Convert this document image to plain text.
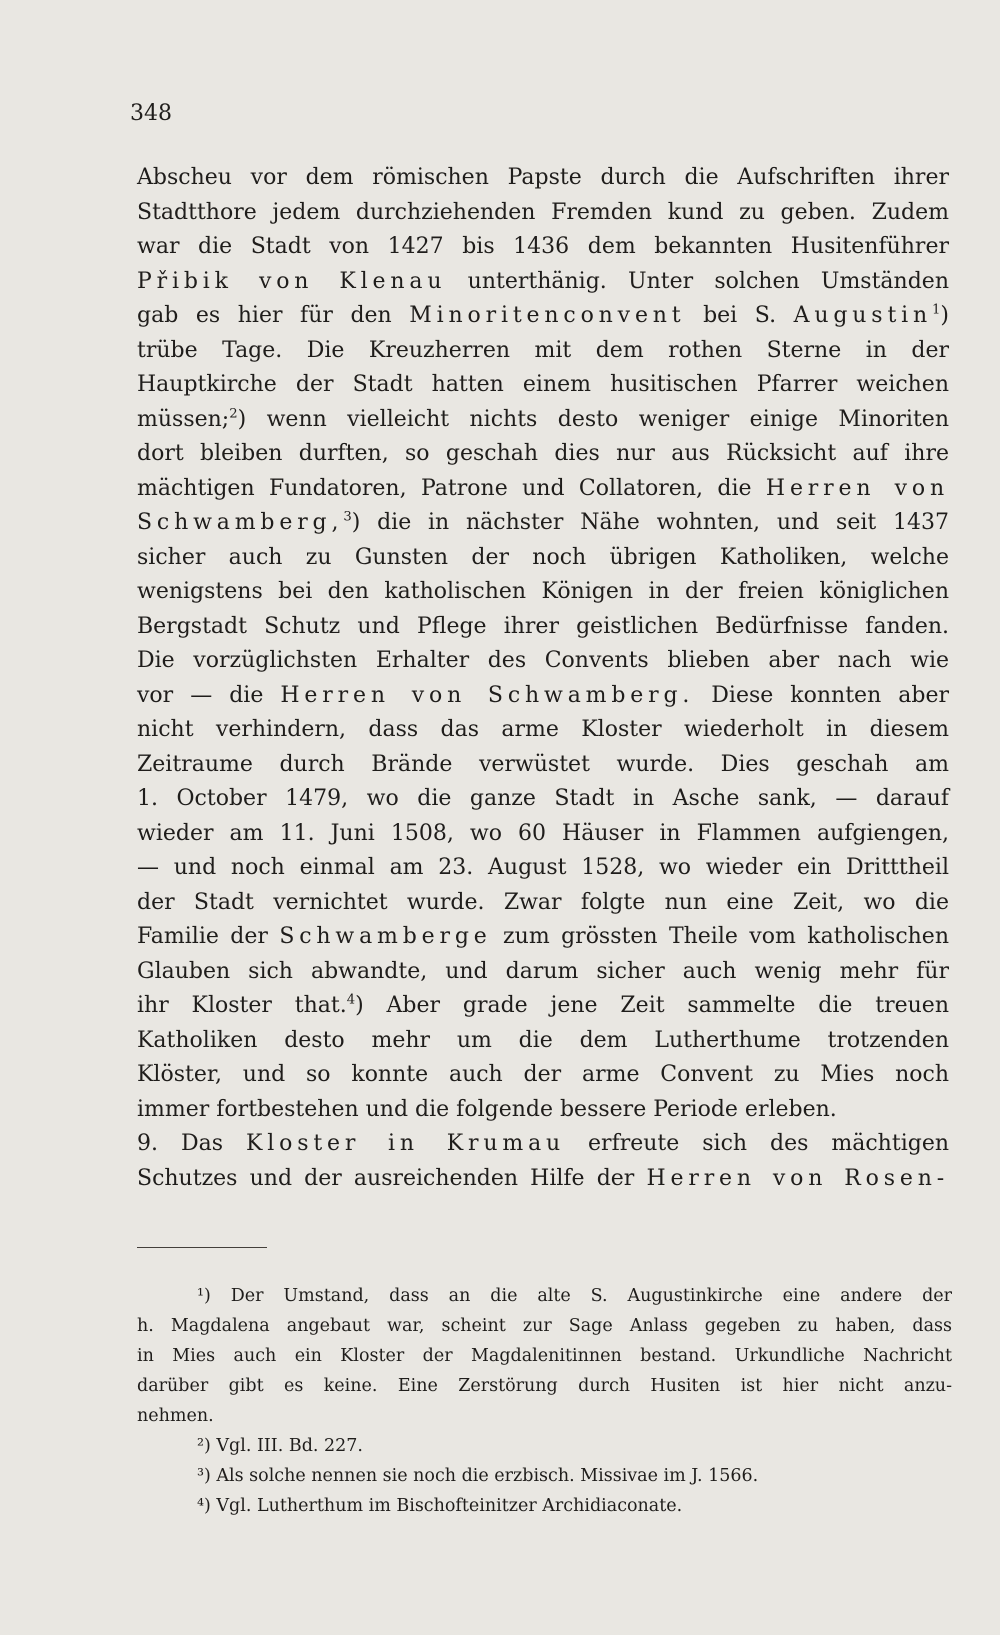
348
Abscheu vor dem römischen Papste durch die Aufschriften ihrer
Stadtthore jedem durchziehenden Fremden kund zu geben. Zudem
war die Stadt von 1427 bis 1436 dem bekannten Husitenführer
Přibik von Klenau unterthänig. Unter solchen Umständen
gab es hier für den Minoritenconvent bei S. Augustin$^1$)
trübe Tage. Die Kreuzherren mit dem rothen Sterne in der
Hauptkirche der Stadt hatten einem husitischen Pfarrer weichen
müssen;$^2$) wenn vielleicht nichts desto weniger einige Minoriten
dort bleiben durften, so geschah dies nur aus Rücksicht auf ihre
mächtigen Fundatoren, Patrone und Collatoren, die Herren von
Schwamberg,$^3$) die in nächster Nähe wohnten, und seit 1437
sicher auch zu Gunsten der noch übrigen Katholiken, welche
wenigstens bei den katholischen Königen in der freien königlichen
Bergstadt Schutz und Pflege ihrer geistlichen Bedürfnisse fanden.
Die vorzüglichsten Erhalter des Convents blieben aber nach wie
vor — die Herren von Schwamberg. Diese konnten aber
nicht verhindern, dass das arme Kloster wiederholt in diesem
Zeitraume durch Brände verwüstet wurde. Dies geschah am
1. October 1479, wo die ganze Stadt in Asche sank, — darauf
wieder am 11. Juni 1508, wo 60 Häuser in Flammen aufgiengen,
— und noch einmal am 23. August 1528, wo wieder ein Dritttheil
der Stadt vernichtet wurde. Zwar folgte nun eine Zeit, wo die
Familie der Schwamberge zum grössten Theile vom katholischen
Glauben sich abwandte, und darum sicher auch wenig mehr für
ihr Kloster that.$^4$) Aber grade jene Zeit sammelte die treuen
Katholiken desto mehr um die dem Lutherthume trotzenden
Klöster, und so konnte auch der arme Convent zu Mies noch
immer fortbestehen und die folgende bessere Periode erleben.
9. Das Kloster in Krumau erfreute sich des mächtigen
Schutzes und der ausreichenden Hilfe der Herren von Rosen-
¹) Der Umstand, dass an die alte S. Augustinkirche eine andere der
h. Magdalena angebaut war, scheint zur Sage Anlass gegeben zu haben, dass
in Mies auch ein Kloster der Magdalenitinnen bestand. Urkundliche Nachricht
darüber gibt es keine. Eine Zerstörung durch Husiten ist hier nicht anzu-
nehmen.
²) Vgl. III. Bd. 227.
³) Als solche nennen sie noch die erzbisch. Missivae im J. 1566.
⁴) Vgl. Lutherthum im Bischofteinitzer Archidiaconate.
